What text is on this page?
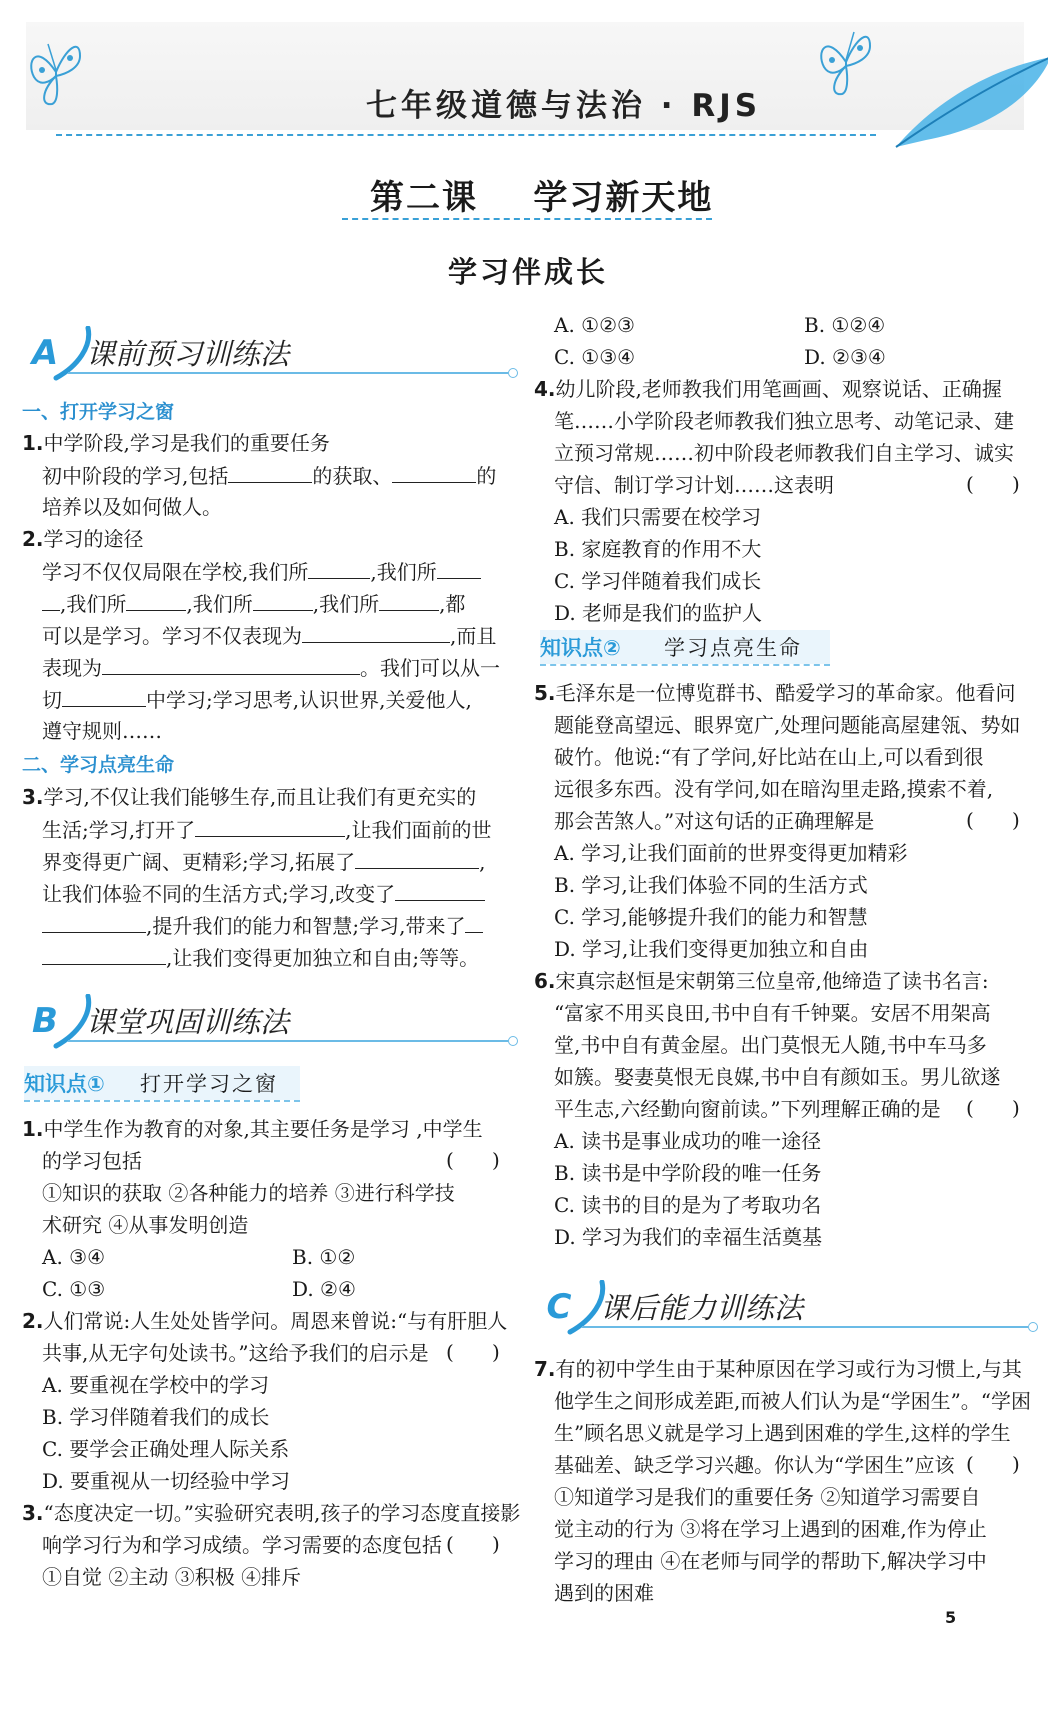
七年级道德与法治 · RJS
第二课    学习新天地
学习伴成长
A 课前预习训练法
一、打开学习之窗
1.中学阶段,学习是我们的重要任务
初中阶段的学习,包括	的获取、	的
培养以及如何做人。
2.学习的途径
学习不仅仅局限在学校,我们所	,我们所
,我们所	,我们所	,我们所	,都
可以是学习。学习不仅表现为	,而且
表现为	。我们可以从一
切	中学习;学习思考,认识世界,关爱他人,
遵守规则……
二、学习点亮生命
3.学习,不仅让我们能够生存,而且让我们有更充实的
生活;学习,打开了	,让我们面前的世
界变得更广阔、更精彩;学习,拓展了	,
让我们体验不同的生活方式;学习,改变了
,提升我们的能力和智慧;学习,带来了
,让我们变得更加独立和自由;等等。
B 课堂巩固训练法
知识点① 打开学习之窗
1.中学生作为教育的对象,其主要任务是学习 ,中学生
的学习包括	(      )
①知识的获取 ②各种能力的培养 ③进行科学技
术研究 ④从事发明创造
A. ③④	B. ①②
C. ①③	D. ②④
2.人们常说:人生处处皆学问。周恩来曾说:“与有肝胆人
共事,从无字句处读书。”这给予我们的启示是 (      )
A. 要重视在学校中的学习
B. 学习伴随着我们的成长
C. 要学会正确处理人际关系
D. 要重视从一切经验中学习
3.“态度决定一切。”实验研究表明,孩子的学习态度直接影
响学习行为和学习成绩。学习需要的态度包括 (      )
①自觉 ②主动 ③积极 ④排斥
A. ①②③	B. ①②④
C. ①③④	D. ②③④
4.幼儿阶段,老师教我们用笔画画、观察说话、正确握
笔……小学阶段老师教我们独立思考、动笔记录、建
立预习常规……初中阶段老师教我们自主学习、诚实
守信、制订学习计划……这表明	(      )
A. 我们只需要在校学习
B. 家庭教育的作用不大
C. 学习伴随着我们成长
D. 老师是我们的监护人
知识点② 学习点亮生命
5.毛泽东是一位博览群书、酷爱学习的革命家。他看问
题能登高望远、眼界宽广,处理问题能高屋建瓴、势如
破竹。他说:“有了学问,好比站在山上,可以看到很
远很多东西。没有学问,如在暗沟里走路,摸索不着,
那会苦煞人。”对这句话的正确理解是	(      )
A. 学习,让我们面前的世界变得更加精彩
B. 学习,让我们体验不同的生活方式
C. 学习,能够提升我们的能力和智慧
D. 学习,让我们变得更加独立和自由
6.宋真宗赵恒是宋朝第三位皇帝,他缔造了读书名言:
“富家不用买良田,书中自有千钟粟。安居不用架高
堂,书中自有黄金屋。出门莫恨无人随,书中车马多
如簇。娶妻莫恨无良媒,书中自有颜如玉。男儿欲遂
平生志,六经勤向窗前读。”下列理解正确的是 (      )
A. 读书是事业成功的唯一途径
B. 读书是中学阶段的唯一任务
C. 读书的目的是为了考取功名
D. 学习为我们的幸福生活奠基
C 课后能力训练法
7.有的初中学生由于某种原因在学习或行为习惯上,与其
他学生之间形成差距,而被人们认为是“学困生”。“学困
生”顾名思义就是学习上遇到困难的学生,这样的学生
基础差、缺乏学习兴趣。你认为“学困生”应该 (      )
①知道学习是我们的重要任务 ②知道学习需要自
觉主动的行为 ③将在学习上遇到的困难,作为停止
学习的理由 ④在老师与同学的帮助下,解决学习中
遇到的困难
5
